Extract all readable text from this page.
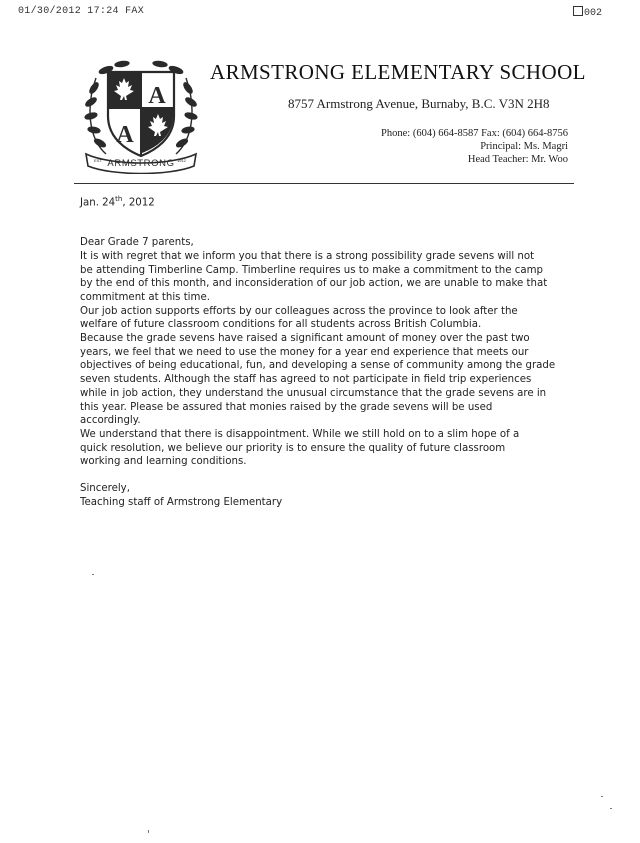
01/30/2012 17:24 FAX	002
A
A
ARMSTRONG
EST.	1912
ARMSTRONG ELEMENTARY SCHOOL
8757 Armstrong Avenue, Burnaby, B.C. V3N 2H8
Phone: (604) 664-8587 Fax: (604) 664-8756
Principal: Ms. Magri
Head Teacher: Mr. Woo

Jan. 24th, 2012

Dear Grade 7 parents,

It is with regret that we inform you that there is a strong possibility grade sevens will not

be attending Timberline Camp. Timberline requires us to make a commitment to the camp

by the end of this month, and inconsideration of our job action, we are unable to make that

commitment at this time.

Our job action supports efforts by our colleagues across the province to look after the

welfare of future classroom conditions for all students across British Columbia.

Because the grade sevens have raised a significant amount of money over the past two

years, we feel that we need to use the money for a year end experience that meets our

objectives of being educational, fun, and developing a sense of community among the grade

seven students. Although the staff has agreed to not participate in field trip experiences

while in job action, they understand the unusual circumstance that the grade sevens are in

this year. Please be assured that monies raised by the grade sevens will be used

accordingly.

We understand that there is disappointment. While we still hold on to a slim hope of a

quick resolution, we believe our priority is to ensure the quality of future classroom

working and learning conditions.

Sincerely,

Teaching staff of Armstrong Elementary
